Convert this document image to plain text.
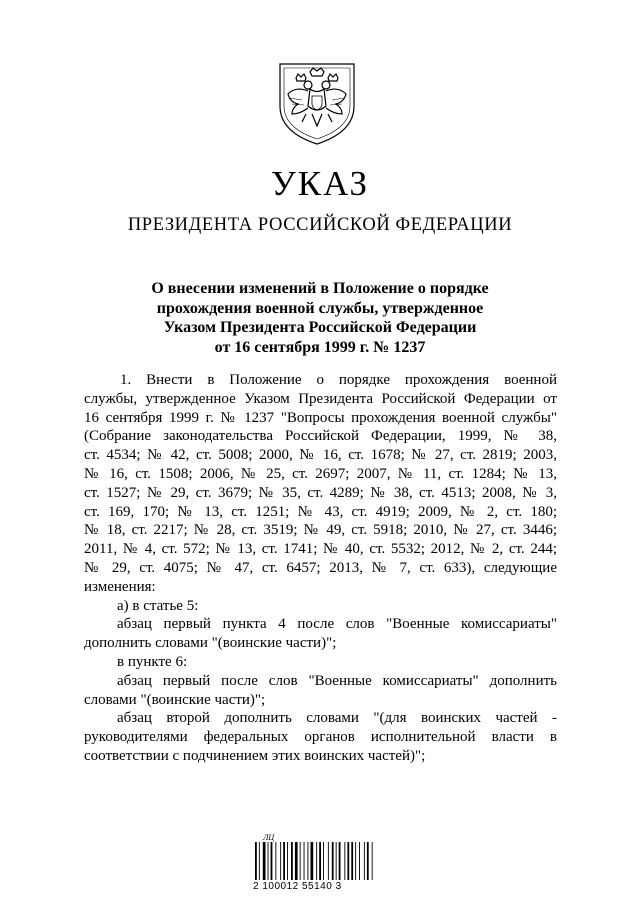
УКАЗ
ПРЕЗИДЕНТА РОССИЙСКОЙ ФЕДЕРАЦИИ
О внесении изменений в Положение о порядке
прохождения военной службы, утвержденное
Указом Президента Российской Федерации
от 16 сентября 1999 г. № 1237
1. Внести в Положение о порядке прохождения военной
службы, утвержденное Указом Президента Российской Федерации от
16 сентября 1999 г. № 1237 "Вопросы прохождения военной службы"
(Собрание законодательства Российской Федерации, 1999, № 38,
ст. 4534; № 42, ст. 5008; 2000, № 16, ст. 1678; № 27, ст. 2819; 2003,
№ 16, ст. 1508; 2006, № 25, ст. 2697; 2007, № 11, ст. 1284; № 13,
ст. 1527; № 29, ст. 3679; № 35, ст. 4289; № 38, ст. 4513; 2008, № 3,
ст. 169, 170; № 13, ст. 1251; № 43, ст. 4919; 2009, № 2, ст. 180;
№ 18, ст. 2217; № 28, ст. 3519; № 49, ст. 5918; 2010, № 27, ст. 3446;
2011, № 4, ст. 572; № 13, ст. 1741; № 40, ст. 5532; 2012, № 2, ст. 244;
№ 29, ст. 4075; № 47, ст. 6457; 2013, № 7, ст. 633), следующие
изменения:
а) в статье 5:
абзац первый пункта 4 после слов "Военные комиссариаты"
дополнить словами "(воинские части)";
в пункте 6:
абзац первый после слов "Военные комиссариаты" дополнить
словами "(воинские части)";
абзац второй дополнить словами "(для воинских частей -
руководителями федеральных органов исполнительной власти в
соответствии с подчинением этих воинских частей)";
ЛЦ
2 100012 55140 3
